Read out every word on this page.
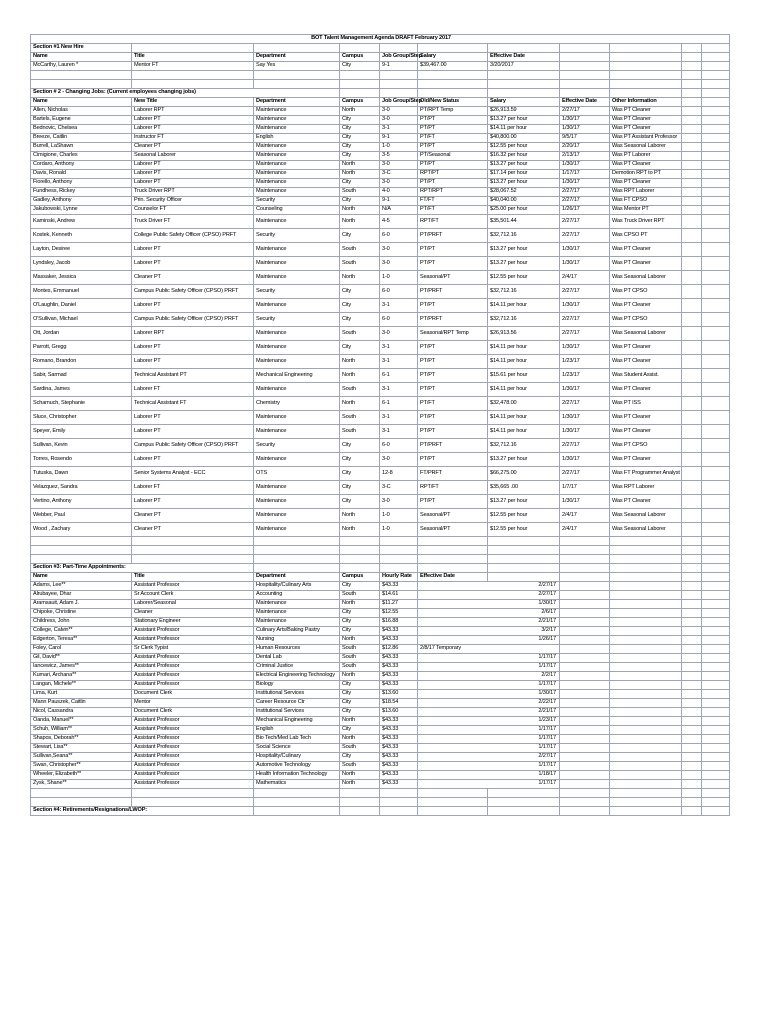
BOT Talent Management Agenda DRAFT February 2017										
Section #1 New Hire										
Name	Title	Department	Campus	Job Group/Step	Salary	Effective Date				
McCarthy, Lauren *	Mentor FT	Say Yes	City	9-1	$39,467.00	3/20/2017				

Section # 2 - Changing Jobs: (Current employees changing jobs)										
Name	New Title	Department	Campus	Job Group/Step	Old/New Status	Salary	Effective Date	Other Information		
Allen, Nicholas	Laborer RPT	Maintenance	North	3-0	PT/RPT Temp	$26,913.59	2/27/17	Was PT Cleaner		
Bartels, Eugene	Laborer PT	Maintenance	City	3-0	PT/PT	$13.27 per hour	1/30/17	Was PT Cleaner		
Bednovic, Chelsea	Laborer PT	Maintenance	City	3-1	PT/PT	$14.11 per hour	1/30/17	Was PT Cleaner		
Breeze, Caitlin	Instructor FT	English	City	9-1	PT/FT	$40,800.00	9/5/17	Was PT Assistant Professor		
Burrell, LaShawn	Cleaner PT	Maintenance	City	1-0	PT/PT	$12.55 per hour	2/20/17	Was Seasonal Laborer		
Cimigione, Charles	Seasonal Laborer	Maintenance	City	3-5	PT/Seasonal	$16.32 per hour	2/13/17	Was PT Laborer		
Cordaro, Anthony	Laborer PT	Maintenance	North	3-0	PT/PT	$13.27 per hour	1/30/17	Was PT Cleaner		
Davis, Ronald	Laborer PT	Maintenance	North	3-C	RPT/PT	$17.14 per hour	1/17/17	Demotion RPT to PT		
Fiorello, Anthony	Laborer PT	Maintenance	City	3-0	PT/PT	$13.27 per hour	1/30/17	Was PT Cleaner		
Fundhess, Rickey	Truck Driver RPT	Maintenance	South	4-0	RPT/RPT	$28,067.52	2/27/17	Was RPT Laborer		
Gadley, Anthony	Prin. Security Officer	Security	City	9-1	FT/FT	$40,040.00	2/27/17	Was FT CPSO		
Jakubowski, Lynne	Counselor FT	Counseling	North	N/A	PT/FT	$25.00 per hour	1/26/17	Was Mentor PT		
Kaminski, Andrew	Truck Driver FT	Maintenance	North	4-5	RPT/FT	$35,501.44	2/27/17	Was Truck Driver RPT		
Kostek, Kenneth	College Public Safety Officer (CPSO) PRFT	Security	City	6-0	PT/PRFT	$32,712.16	2/27/17	Was CPSO PT		
Layton, Desiree	Laborer PT	Maintenance	South	3-0	PT/PT	$13.27 per hour	1/30/17	Was PT Cleaner		
Lyndsley, Jacob	Laborer PT	Maintenance	South	3-0	PT/PT	$13.27 per hour	1/30/17	Was PT Cleaner		
Massaker, Jessica	Cleaner PT	Maintenance	North	1-0	Seasonal/PT	$12.55 per hour	2/4/17	Was Seasonal Laborer		
Montes, Emmanuel	Campus Public Safety Officer (CPSO) PRFT	Security	City	6-0	PT/PRFT	$32,712.16	2/27/17	Was PT CPSO		
O'Laughlin, Daniel	Laborer PT	Maintenance	City	3-1	PT/PT	$14.11 per hour	1/30/17	Was PT Cleaner		
O'Sullivan, Michael	Campus Public Safety Officer (CPSO) PRFT	Security	City	6-0	PT/PRFT	$32,712.16	2/27/17	Was PT CPSO		
Ott, Jordan	Laborer RPT	Maintenance	South	3-0	Seasonal/RPT Temp	$26,913.56	2/27/17	Was Seasonal Laborer		
Parrott, Gregg	Laborer PT	Maintenance	City	3-1	PT/PT	$14.11 per hour	1/30/17	Was PT Cleaner		
Romano, Brandon	Laborer PT	Maintenance	North	3-1	PT/PT	$14.11 per hour	1/23/17	Was PT Cleaner		
Sabir, Sarmad	Technical Assistant PT	Mechanical Engineering	North	6-1	PT/PT	$15.61 per hour	1/23/17	Was Student Assist.		
Sardina, James	Laborer FT	Maintenance	South	3-1	PT/PT	$14.11 per hour	1/30/17	Was PT Cleaner		
Schamuch, Stephanie	Technical Assistant FT	Chemistry	North	6-1	PT/FT	$32,478.00	2/27/17	Was PT ISS		
Sluce, Christopher	Laborer PT	Maintenance	South	3-1	PT/PT	$14.11 per hour	1/30/17	Was PT Cleaner		
Speyer, Emily	Laborer PT	Maintenance	South	3-1	PT/PT	$14.11 per hour	1/30/17	Was PT Cleaner		
Sullivan, Kevin	Campus Public Safety Officer (CPSO) PRFT	Security	City	6-0	PT/PRFT	$32,712.16	2/27/17	Was PT CPSO		
Torres, Rosendo	Laborer PT	Maintenance	City	3-0	PT/PT	$13.27 per hour	1/30/17	Was PT Cleaner		
Tutuska, Dawn	Senior Systems Analyst - ECC	OTS	City	12-8	FT/PRFT	$66,275.00	2/27/17	Was FT Programmer Analyst		
Velazquez, Sandra	Laborer FT	Maintenance	City	3-C	RPT/FT	$35,665 .00	1/7/17	Was RPT Laborer		
Vertino, Anthony	Laborer PT	Maintenance	City	3-0	PT/PT	$13.27 per hour	1/30/17	Was PT Cleaner		
Webber, Paul	Cleaner PT	Maintenance	North	1-0	Seasonal/PT	$12.55 per hour	2/4/17	Was Seasonal Laborer		
Wood , Zachary	Cleaner PT	Maintenance	North	1-0	Seasonal/PT	$12.55 per hour	2/4/17	Was Seasonal Laborer		

Section #3: Part-Time Appointments:										
Name	Title	Department	Campus	Hourly Rate	Effective Date					
Adams, Lee**	Assistant Professor	Hospitality/Culinary Arts	City	$43.33	2/27/17					
Alrubayee, Dhar	Sr Account Clerk	Accounting	South	$14.61	2/27/17					
Aramsauit, Adam J.	Laborer/Seasonal	Maintenance	North	$11.27	1/30/17					
Chipoke, Christine	Cleaner	Maintenance	City	$12.55	2/6/17					
Childress, John	Stationary Engineer	Maintenance	City	$16.88	2/21/17					
College, Calvin**	Assistant Professor	Culinary Arts/Baking Pastry	City	$43.33	3/2/17					
Edgerton, Teresa**	Assistant Professor	Nursing	North	$43.33	1/26/17					
Foley, Carol	Sr Clerk Typist	Human Resources	South	$12.86	2/8/17 Temporary					
Gil, David**	Assistant Professor	Dental Lab	South	$43.33	1/17/17					
Iancewicz, James**	Assistant Professor	Criminal Justice	South	$43.33	1/17/17					
Kumari, Archana**	Assistant Professor	Electrical Engineering Technology	North	$43.33	2/2/17					
Langan, Michele**	Assistant Professor	Biology	City	$43.33	1/17/17					
Lima, Kurt	Document Clerk	Institutional Services	City	$13.60	1/30/17					
Mann Pauszek, Caitlin	Mentor	Career Resource Ctr	City	$18.54	2/22/17					
Nicol, Cassandra	Document Clerk	Institutional Services	City	$13.60	2/21/17					
Oanda, Manuel**	Assistant Professor	Mechanical Engineering	North	$43.33	1/23/17					
Schuh, William**	Assistant Professor	English	City	$43.33	1/17/17					
Shapos, Deborah**	Assistant Professor	Bio Tech/Med Lab Tech	North	$43.33	1/17/17					
Stewart, Lisa**	Assistant Professor	Social Science	South	$43.33	1/17/17					
Sullivan,Seana**	Assistant Professor	Hospitality/Culinary	City	$43.33	2/27/17					
Swan, Christopher**	Assistant Professor	Automotive Technology	South	$43.33	1/17/17					
Wheeler, Elizabeth**	Assistant Professor	Health Information Technology	North	$43.33	1/18/17					
Zysk, Shane**	Assistant Professor	Mathematics	North	$43.33	1/17/17					

Section #4: Retirements/Resignations/LWOP:										
